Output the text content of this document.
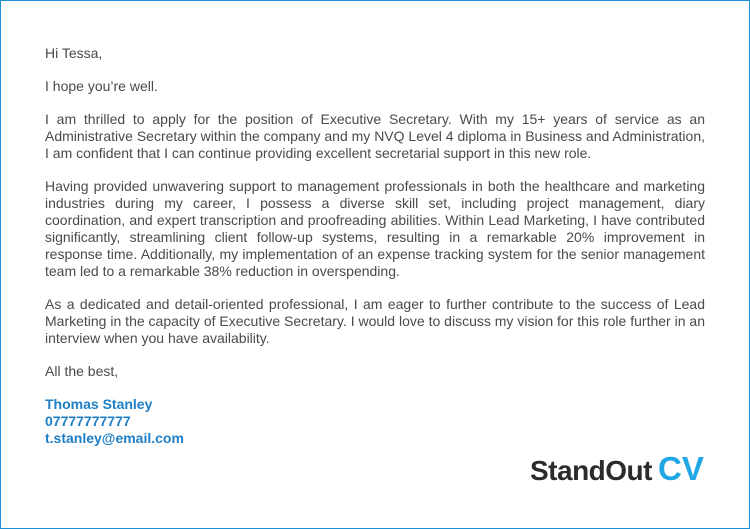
Hi Tessa,

I hope you’re well.

I am thrilled to apply for the position of Executive Secretary. With my 15+ years of service as an Administrative Secretary within the company and my NVQ Level 4 diploma in Business and Administration, I am confident that I can continue providing excellent secretarial support in this new role.

Having provided unwavering support to management professionals in both the healthcare and marketing industries during my career, I possess a diverse skill set, including project management, diary coordination, and expert transcription and proofreading abilities. Within Lead Marketing, I have contributed significantly, streamlining client follow-up systems, resulting in a remarkable 20% improvement in response time. Additionally, my implementation of an expense tracking system for the senior management team led to a remarkable 38% reduction in overspending.

As a dedicated and detail-oriented professional, I am eager to further contribute to the success of Lead Marketing in the capacity of Executive Secretary. I would love to discuss my vision for this role further in an interview when you have availability.

All the best,

Thomas Stanley
07777777777
t.stanley@email.com
StandOut CV
